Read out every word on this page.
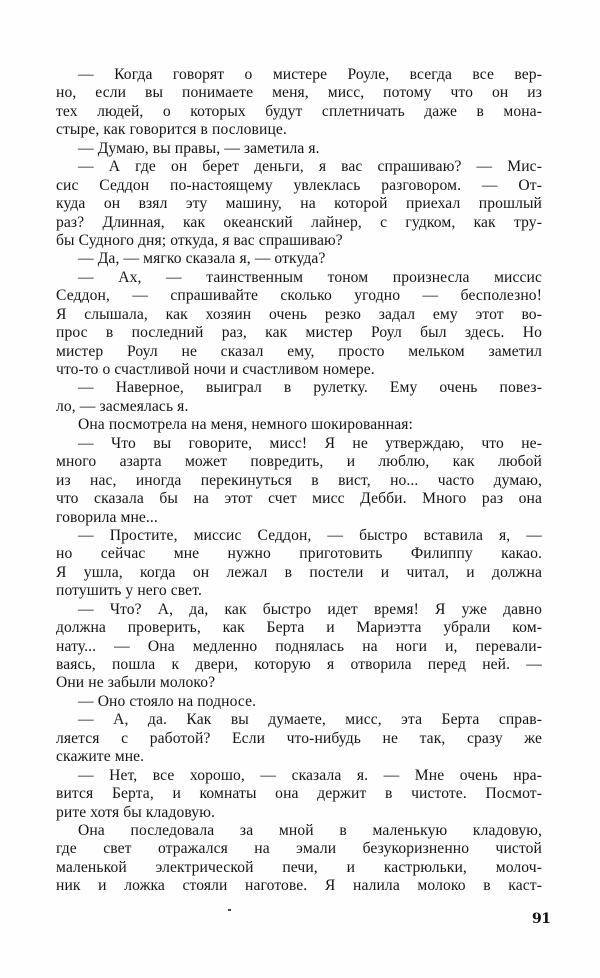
— Когда говорят о мистере Роуле, всегда все вер-
но, если вы понимаете меня, мисс, потому что он из
тех людей, о которых будут сплетничать даже в мона-
стыре, как говорится в пословице.
— Думаю, вы правы, — заметила я.
— А где он берет деньги, я вас спрашиваю? — Мис-
сис Седдон по-настоящему увлеклась разговором. — От-
куда он взял эту машину, на которой приехал прошлый
раз? Длинная, как океанский лайнер, с гудком, как тру-
бы Судного дня; откуда, я вас спрашиваю?
— Да, — мягко сказала я, — откуда?
— Ах, — таинственным тоном произнесла миссис
Седдон, — спрашивайте сколько угодно — бесполезно!
Я слышала, как хозяин очень резко задал ему этот во-
прос в последний раз, как мистер Роул был здесь. Но
мистер Роул не сказал ему, просто мельком заметил
что-то о счастливой ночи и счастливом номере.
— Наверное, выиграл в рулетку. Ему очень повез-
ло, — засмеялась я.
Она посмотрела на меня, немного шокированная:
— Что вы говорите, мисс! Я не утверждаю, что не-
много азарта может повредить, и люблю, как любой
из нас, иногда перекинуться в вист, но... часто думаю,
что сказала бы на этот счет мисс Дебби. Много раз она
говорила мне...
— Простите, миссис Седдон, — быстро вставила я, —
но сейчас мне нужно приготовить Филиппу какао.
Я ушла, когда он лежал в постели и читал, и должна
потушить у него свет.
— Что? А, да, как быстро идет время! Я уже давно
должна проверить, как Берта и Мариэтта убрали ком-
нату... — Она медленно поднялась на ноги и, перевали-
ваясь, пошла к двери, которую я отворила перед ней. —
Они не забыли молоко?
— Оно стояло на подносе.
— А, да. Как вы думаете, мисс, эта Берта справ-
ляется с работой? Если что-нибудь не так, сразу же
скажите мне.
— Нет, все хорошо, — сказала я. — Мне очень нра-
вится Берта, и комнаты она держит в чистоте. Посмот-
рите хотя бы кладовую.
Она последовала за мной в маленькую кладовую,
где свет отражался на эмали безукоризненно чистой
маленькой электрической печи, и кастрюльки, молоч-
ник и ложка стояли наготове. Я налила молоко в каст-
91
